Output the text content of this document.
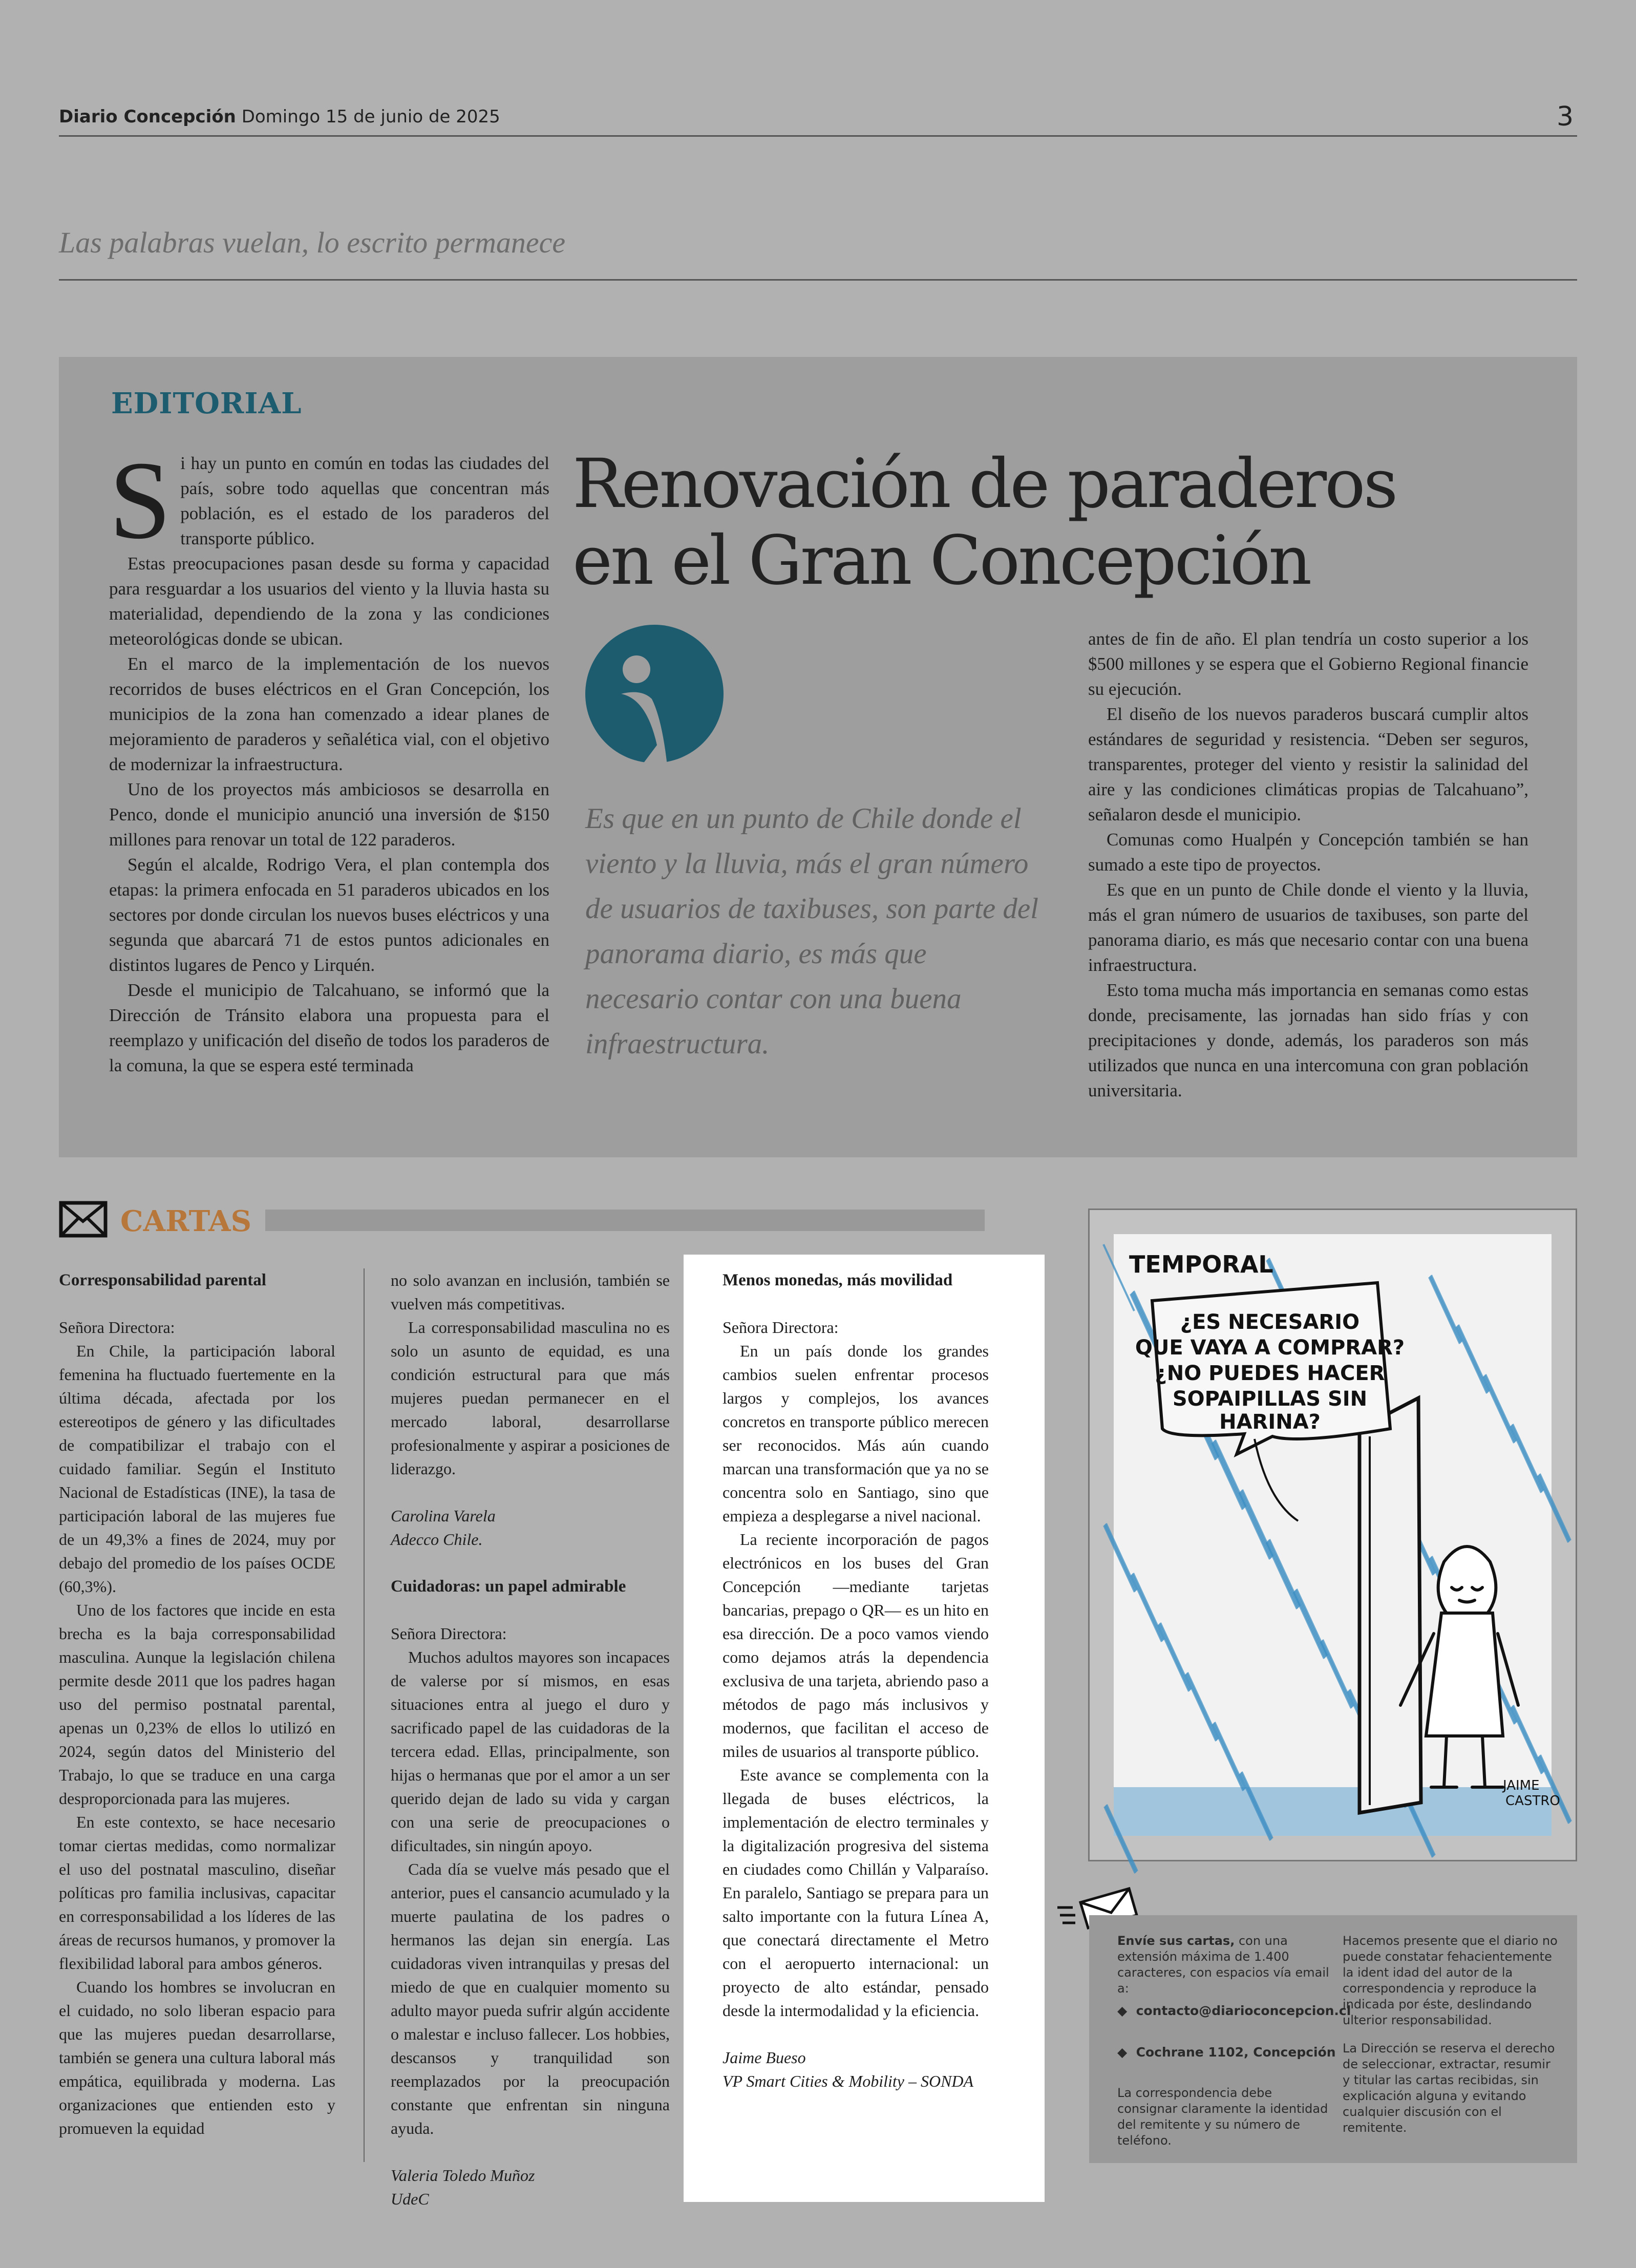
Diario Concepción Domingo 15 de junio de 2025	3
Las palabras vuelan, lo escrito permanece
EDITORIAL
S i hay un punto en común en todas las ciudades del país, sobre todo aquellas que concentran más población, es el estado de los paraderos del transporte público.

Estas preocupaciones pasan desde su forma y capacidad para resguardar a los usuarios del viento y la lluvia hasta su materialidad, dependiendo de la zona y las condiciones meteorológicas donde se ubican.

En el marco de la implementación de los nuevos recorridos de buses eléctricos en el Gran Concepción, los municipios de la zona han comenzado a idear planes de mejoramiento de paraderos y señalética vial, con el objetivo de modernizar la infraestructura.

Uno de los proyectos más ambiciosos se desarrolla en Penco, donde el municipio anunció una inversión de $150 millones para renovar un total de 122 paraderos.

Según el alcalde, Rodrigo Vera, el plan contempla dos etapas: la primera enfocada en 51 paraderos ubicados en los sectores por donde circulan los nuevos buses eléctricos y una segunda que abarcará 71 de estos puntos adicionales en distintos lugares de Penco y Lirquén.

Desde el municipio de Talcahuano, se informó que la Dirección de Tránsito elabora una propuesta para el reemplazo y unificación del diseño de todos los paraderos de la comuna, la que se espera esté terminada

Renovación de paraderos en el Gran Concepción
Es que en un punto de Chile donde el viento y la lluvia, más el gran número de usuarios de taxibuses, son parte del panorama diario, es más que necesario contar con una buena infraestructura.

antes de fin de año. El plan tendría un costo superior a los $500 millones y se espera que el Gobierno Regional financie su ejecución.

El diseño de los nuevos paraderos buscará cumplir altos estándares de seguridad y resistencia. “Deben ser seguros, transparentes, proteger del viento y resistir la salinidad del aire y las condiciones climáticas propias de Talcahuano”, señalaron desde el municipio.

Comunas como Hualpén y Concepción también se han sumado a este tipo de proyectos.

Es que en un punto de Chile donde el viento y la lluvia, más el gran número de usuarios de taxibuses, son parte del panorama diario, es más que necesario contar con una buena infraestructura.

Esto toma mucha más importancia en semanas como estas donde, precisamente, las jornadas han sido frías y con precipitaciones y donde, además, los paraderos son más utilizados que nunca en una intercomuna con gran población universitaria.

CARTAS
Corresponsabilidad parental

Señora Directora:

En Chile, la participación laboral femenina ha fluctuado fuertemente en la última década, afectada por los estereotipos de género y las dificultades de compatibilizar el trabajo con el cuidado familiar. Según el Instituto Nacional de Estadísticas (INE), la tasa de participación laboral de las mujeres fue de un 49,3% a fines de 2024, muy por debajo del promedio de los países OCDE (60,3%).

Uno de los factores que incide en esta brecha es la baja corresponsabilidad masculina. Aunque la legislación chilena permite desde 2011 que los padres hagan uso del permiso postnatal parental, apenas un 0,23% de ellos lo utilizó en 2024, según datos del Ministerio del Trabajo, lo que se traduce en una carga desproporcionada para las mujeres.

En este contexto, se hace necesario tomar ciertas medidas, como normalizar el uso del postnatal masculino, diseñar políticas pro familia inclusivas, capacitar en corresponsabilidad a los líderes de las áreas de recursos humanos, y promover la flexibilidad laboral para ambos géneros.

Cuando los hombres se involucran en el cuidado, no solo liberan espacio para que las mujeres puedan desarrollarse, también se genera una cultura laboral más empática, equilibrada y moderna. Las organizaciones que entienden esto y promueven la equidad

no solo avanzan en inclusión, también se vuelven más competitivas.

La corresponsabilidad masculina no es solo un asunto de equidad, es una condición estructural para que más mujeres puedan permanecer en el mercado laboral, desarrollarse profesionalmente y aspirar a posiciones de liderazgo.

Carolina Varela

Adecco Chile.

Cuidadoras: un papel admirable

Señora Directora:

Muchos adultos mayores son incapaces de valerse por sí mismos, en esas situaciones entra al juego el duro y sacrificado papel de las cuidadoras de la tercera edad. Ellas, principalmente, son hijas o hermanas que por el amor a un ser querido dejan de lado su vida y cargan con una serie de preocupaciones o dificultades, sin ningún apoyo.

Cada día se vuelve más pesado que el anterior, pues el cansancio acumulado y la muerte paulatina de los padres o hermanos las dejan sin energía. Las cuidadoras viven intranquilas y presas del miedo de que en cualquier momento su adulto mayor pueda sufrir algún accidente o malestar e incluso fallecer. Los hobbies, descansos y tranquilidad son reemplazados por la preocupación constante que enfrentan sin ninguna ayuda.

Valeria Toledo Muñoz

UdeC

Menos monedas, más movilidad

Señora Directora:

En un país donde los grandes cambios suelen enfrentar procesos largos y complejos, los avances concretos en transporte público merecen ser reconocidos. Más aún cuando marcan una transformación que ya no se concentra solo en Santiago, sino que empieza a desplegarse a nivel nacional.

La reciente incorporación de pagos electrónicos en los buses del Gran Concepción —mediante tarjetas bancarias, prepago o QR— es un hito en esa dirección. De a poco vamos viendo como dejamos atrás la dependencia exclusiva de una tarjeta, abriendo paso a métodos de pago más inclusivos y modernos, que facilitan el acceso de miles de usuarios al transporte público.

Este avance se complementa con la llegada de buses eléctricos, la implementación de electro terminales y la digitalización progresiva del sistema en ciudades como Chillán y Valparaíso. En paralelo, Santiago se prepara para un salto importante con la futura Línea A, que conectará directamente el Metro con el aeropuerto internacional: un proyecto de alto estándar, pensado desde la intermodalidad y la eficiencia.

Jaime Bueso

VP Smart Cities & Mobility – SONDA

TEMPORAL
¿ES NECESARIO
QUE VAYA A COMPRAR?
¿NO PUEDES HACER
SOPAIPILLAS SIN
HARINA?
JAIME
CASTRO
Envíe sus cartas, con una extensión máxima de 1.400 caracteres, con espacios vía email a:
◆  contacto@diarioconcepcion.cl
◆  Cochrane 1102, Concepción
La correspondencia debe consignar claramente la identidad del remitente y su número de teléfono.
Hacemos presente que el diario no puede constatar fehacientemente la ident idad del autor de la correspondencia y reproduce la indicada por éste, deslindando ulterior responsabilidad.
La Dirección se reserva el derecho de seleccionar, extractar, resumir y titular las cartas recibidas, sin explicación alguna y evitando cualquier discusión con el remitente.
